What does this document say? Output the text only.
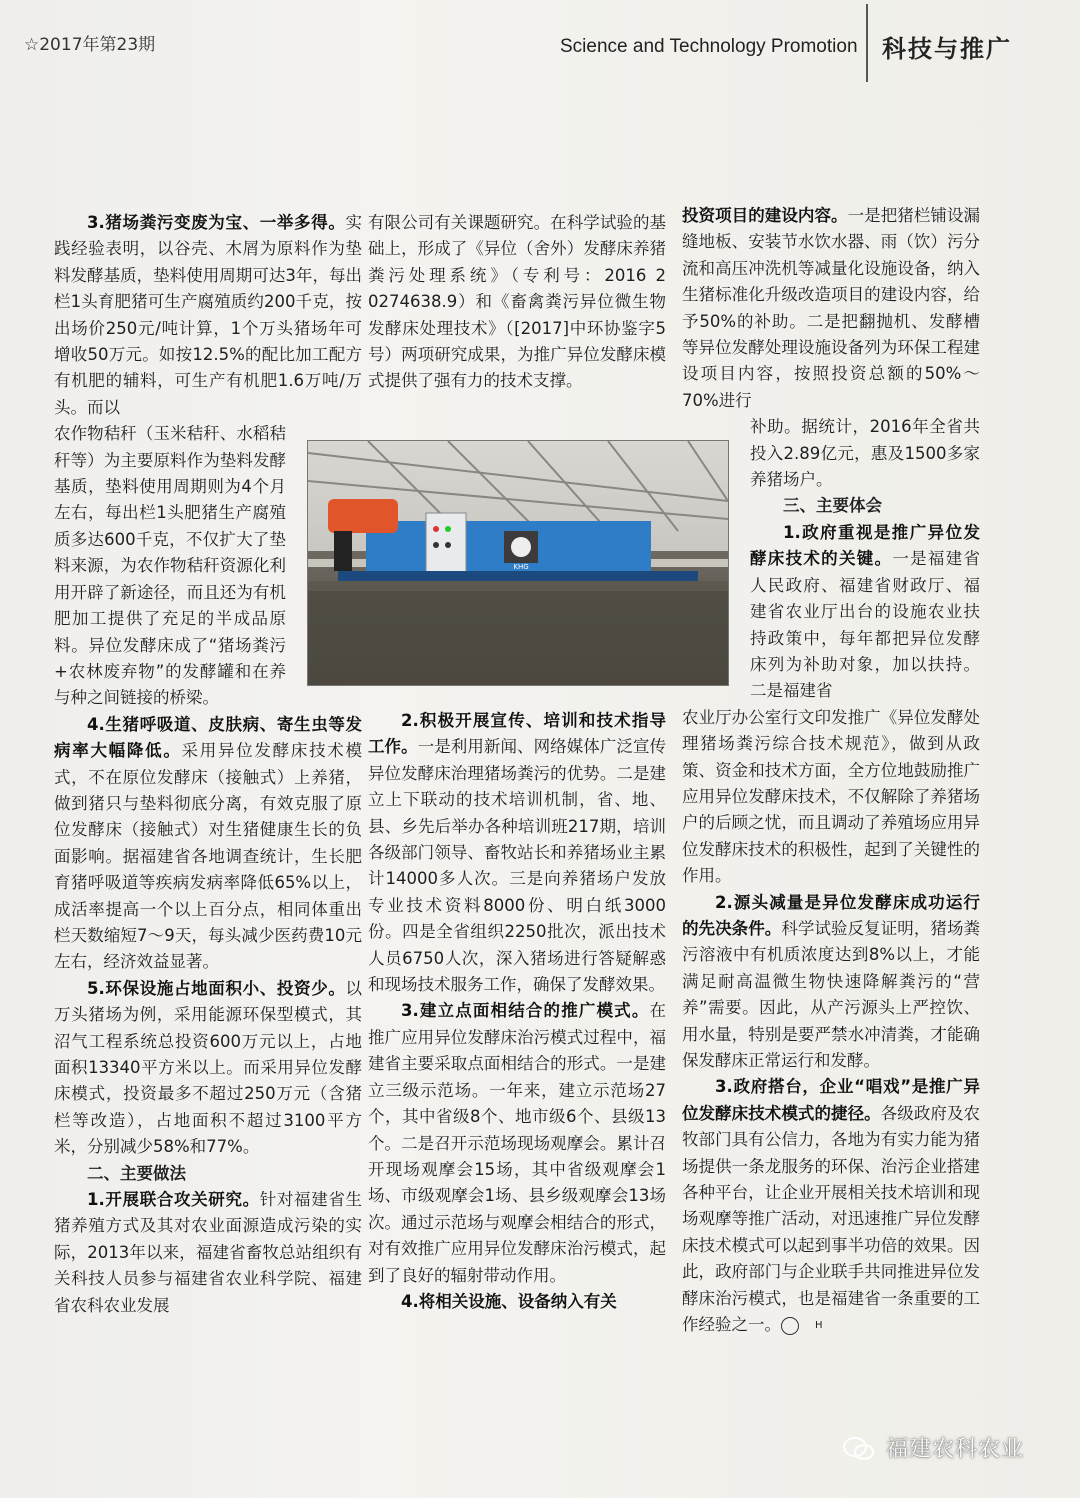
☆2017年第23期	Science and Technology Promotion 科技与推广

3.猪场粪污变废为宝、一举多得。实践经验表明，以谷壳、木屑为原料作为垫料发酵基质，垫料使用周期可达3年，每出栏1头育肥猪可生产腐殖质约200千克，按出场价250元/吨计算，1个万头猪场年可增收50万元。如按12.5%的配比加工配方有机肥的辅料，可生产有机肥1.6万吨/万头。而以

农作物秸秆（玉米秸秆、水稻秸秆等）为主要原料作为垫料发酵基质，垫料使用周期则为4个月左右，每出栏1头肥猪生产腐殖质多达600千克，不仅扩大了垫料来源，为农作物秸秆资源化利用开辟了新途径，而且还为有机肥加工提供了充足的半成品原料。异位发酵床成了“猪场粪污+农林废弃物”的发酵罐和在养与种之间链接的桥梁。

4.生猪呼吸道、皮肤病、寄生虫等发病率大幅降低。采用异位发酵床技术模式，不在原位发酵床（接触式）上养猪，做到猪只与垫料彻底分离，有效克服了原位发酵床（接触式）对生猪健康生长的负面影响。据福建省各地调查统计，生长肥育猪呼吸道等疾病发病率降低65%以上，成活率提高一个以上百分点，相同体重出栏天数缩短7～9天，每头减少医药费10元左右，经济效益显著。

5.环保设施占地面积小、投资少。以万头猪场为例，采用能源环保型模式，其沼气工程系统总投资600万元以上，占地面积13340平方米以上。而采用异位发酵床模式，投资最多不超过250万元（含猪栏等改造），占地面积不超过3100平方米，分别减少58%和77%。

二、主要做法

1.开展联合攻关研究。针对福建省生猪养殖方式及其对农业面源造成污染的实际，2013年以来，福建省畜牧总站组织有关科技人员参与福建省农业科学院、福建省农科农业发展

有限公司有关课题研究。在科学试验的基础上，形成了《异位（舍外）发酵床养猪粪污处理系统》（专利号：2016 2 0274638.9）和《畜禽粪污异位微生物发酵床处理技术》（[2017]中环协鉴字5号）两项研究成果，为推广异位发酵床模式提供了强有力的技术支撑。

2.积极开展宣传、培训和技术指导工作。一是利用新闻、网络媒体广泛宣传异位发酵床治理猪场粪污的优势。二是建立上下联动的技术培训机制，省、地、县、乡先后举办各种培训班217期，培训各级部门领导、畜牧站长和养猪场业主累计14000多人次。三是向养猪场户发放专业技术资料8000份、明白纸3000份。四是全省组织2250批次，派出技术人员6750人次，深入猪场进行答疑解惑和现场技术服务工作，确保了发酵效果。

3.建立点面相结合的推广模式。在推广应用异位发酵床治污模式过程中，福建省主要采取点面相结合的形式。一是建立三级示范场。一年来，建立示范场27个，其中省级8个、地市级6个、县级13个。二是召开示范场现场观摩会。累计召开现场观摩会15场，其中省级观摩会1场、市级观摩会1场、县乡级观摩会13场次。通过示范场与观摩会相结合的形式，对有效推广应用异位发酵床治污模式，起到了良好的辐射带动作用。

4.将相关设施、设备纳入有关

投资项目的建设内容。一是把猪栏铺设漏缝地板、安装节水饮水器、雨（饮）污分流和高压冲洗机等减量化设施设备，纳入生猪标准化升级改造项目的建设内容，给予50%的补助。二是把翻抛机、发酵槽等异位发酵处理设施设备列为环保工程建设项目内容，按照投资总额的50%～70%进行

补助。据统计，2016年全省共投入2.89亿元，惠及1500多家养猪场户。

三、主要体会

1.政府重视是推广异位发酵床技术的关键。一是福建省人民政府、福建省财政厅、福建省农业厅出台的设施农业扶持政策中，每年都把异位发酵床列为补助对象，加以扶持。二是福建省

农业厅办公室行文印发推广《异位发酵处理猪场粪污综合技术规范》，做到从政策、资金和技术方面，全方位地鼓励推广应用异位发酵床技术，不仅解除了养猪场户的后顾之忧，而且调动了养殖场应用异位发酵床技术的积极性，起到了关键性的作用。

2.源头减量是异位发酵床成功运行的先决条件。科学试验反复证明，猪场粪污溶液中有机质浓度达到8%以上，才能满足耐高温微生物快速降解粪污的“营养”需要。因此，从产污源头上严控饮、用水量，特别是要严禁水冲清粪，才能确保发酵床正常运行和发酵。

3.政府搭台，企业“唱戏”是推广异位发酵床技术模式的捷径。各级政府及农牧部门具有公信力，各地为有实力能为猪场提供一条龙服务的环保、治污企业搭建各种平台，让企业开展相关技术培训和现场观摩等推广活动，对迅速推广异位发酵床技术模式可以起到事半功倍的效果。因此，政府部门与企业联手共同推进异位发酵床治污模式，也是福建省一条重要的工作经验之一。	H

KHG
福建农科农业
